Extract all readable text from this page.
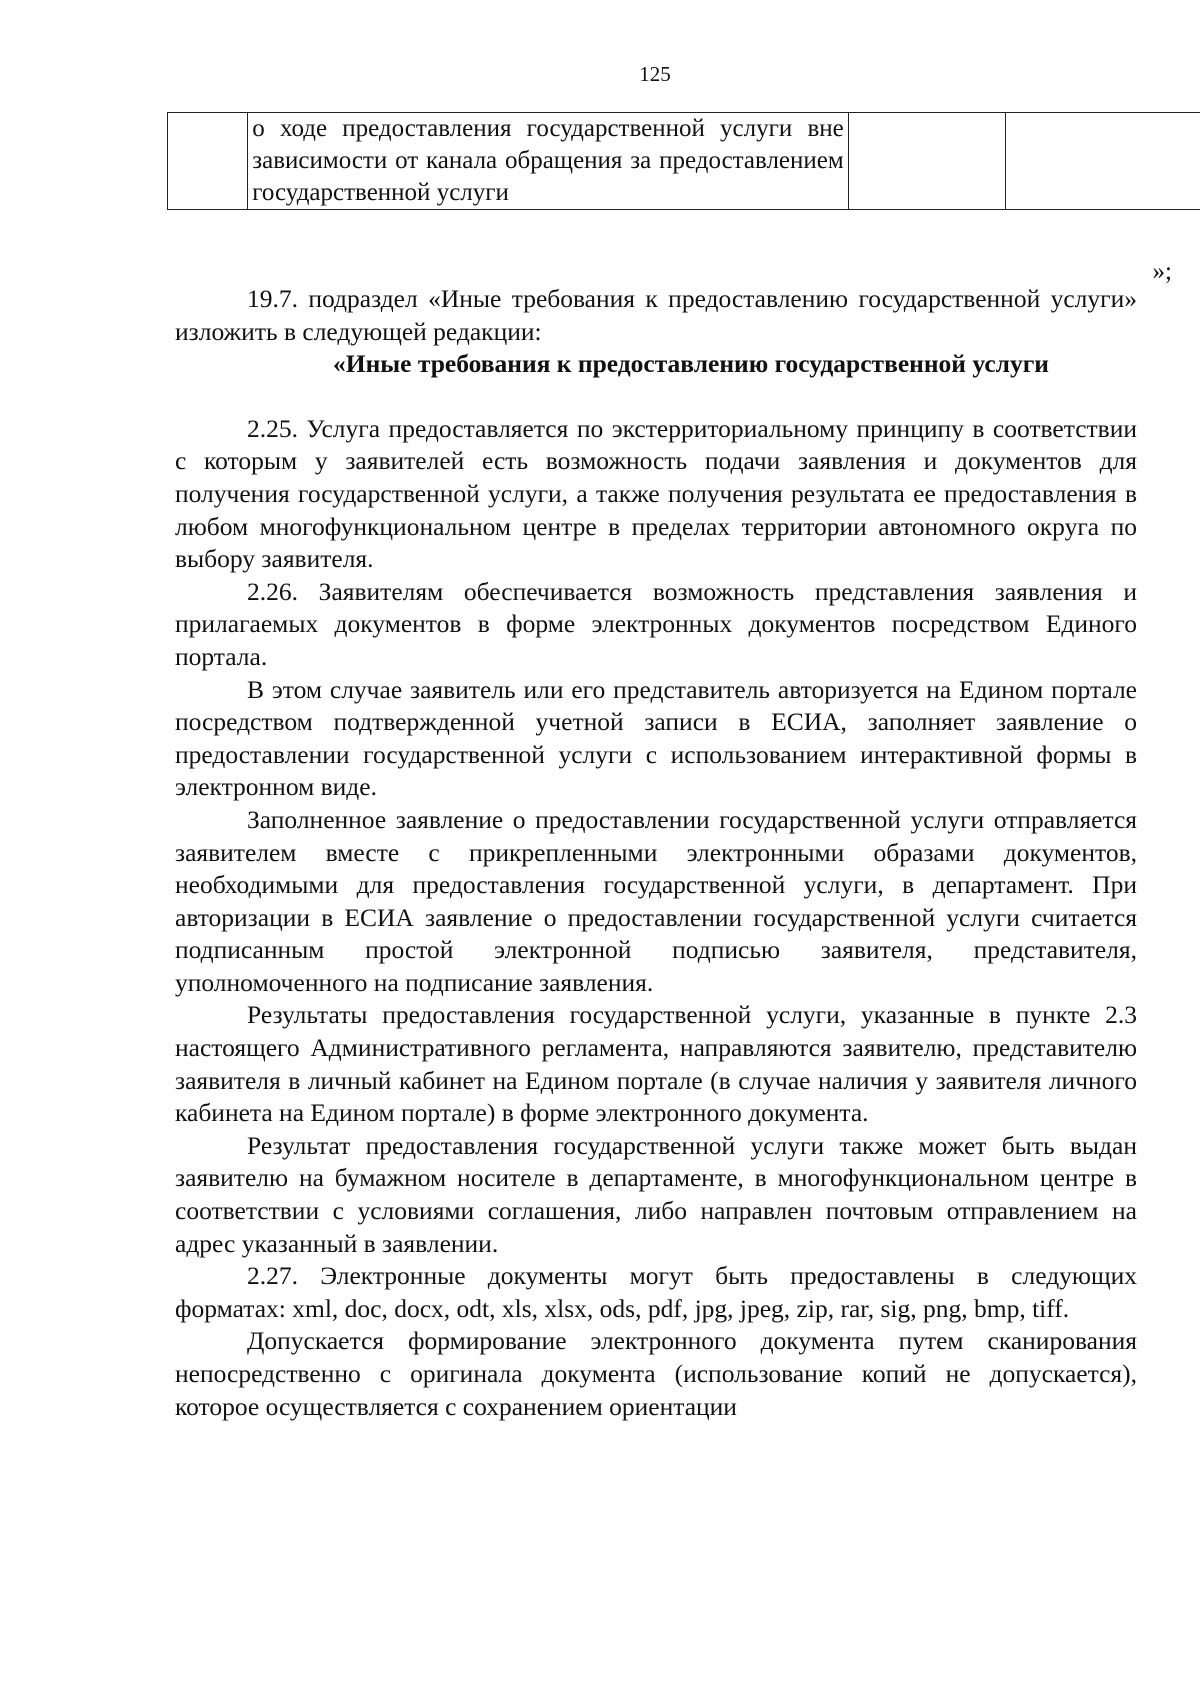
125

	о ходе предоставления государственной услуги вне зависимости от канала обращения за предоставлением государственной услуги		

»;

19.7. подраздел «Иные требования к предоставлению государственной услуги» изложить в следующей редакции:

«Иные требования к предоставлению государственной услуги

2.25. Услуга предоставляется по экстерриториальному принципу в соответствии с которым у заявителей есть возможность подачи заявления и документов для получения государственной услуги, а также получения результата ее предоставления в любом многофункциональном центре в пределах территории автономного округа по выбору заявителя.

2.26. Заявителям обеспечивается возможность представления заявления и прилагаемых документов в форме электронных документов посредством Единого портала.

В этом случае заявитель или его представитель авторизуется на Едином портале посредством подтвержденной учетной записи в ЕСИА, заполняет заявление о предоставлении государственной услуги с использованием интерактивной формы в электронном виде.

Заполненное заявление о предоставлении государственной услуги отправляется заявителем вместе с прикрепленными электронными образами документов, необходимыми для предоставления государственной услуги, в департамент. При авторизации в ЕСИА заявление о предоставлении государственной услуги считается подписанным простой электронной подписью заявителя, представителя, уполномоченного на подписание заявления.

Результаты предоставления государственной услуги, указанные в пункте 2.3 настоящего Административного регламента, направляются заявителю, представителю заявителя в личный кабинет на Едином портале (в случае наличия у заявителя личного кабинета на Едином портале) в форме электронного документа.

Результат предоставления государственной услуги также может быть выдан заявителю на бумажном носителе в департаменте, в многофункциональном центре в соответствии с условиями соглашения, либо направлен почтовым отправлением на адрес указанный в заявлении.

2.27. Электронные документы могут быть предоставлены в следующих форматах: xml, doc, docx, odt, xls, xlsx, ods, pdf, jpg, jpeg, zip, rar, sig, png, bmp, tiff.

Допускается формирование электронного документа путем сканирования непосредственно с оригинала документа (использование копий не допускается), которое осуществляется с сохранением ориентации
